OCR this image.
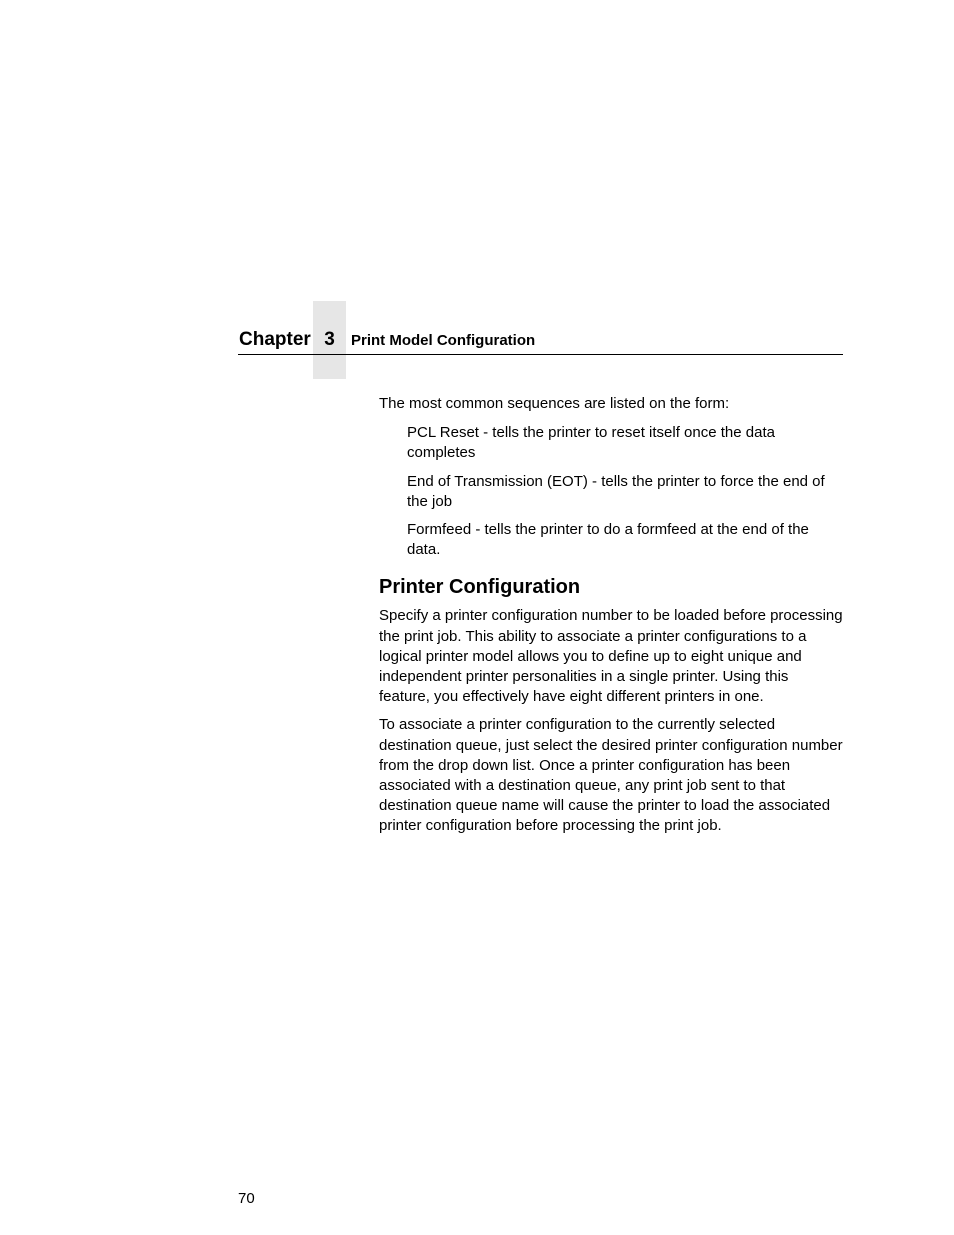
Chapter 3	Print Model Configuration

The most common sequences are listed on the form:

PCL Reset - tells the printer to reset itself once the data completes
End of Transmission (EOT) - tells the printer to force the end of the job
Formfeed - tells the printer to do a formfeed at the end of the data.
Printer Configuration

Specify a printer configuration number to be loaded before processing the print job. This ability to associate a printer configurations to a logical printer model allows you to define up to eight unique and independent printer personalities in a single printer. Using this feature, you effectively have eight different printers in one.

To associate a printer configuration to the currently selected destination queue, just select the desired printer configuration number from the drop down list. Once a printer configuration has been associated with a destination queue, any print job sent to that destination queue name will cause the printer to load the associated printer configuration before processing the print job.

70
